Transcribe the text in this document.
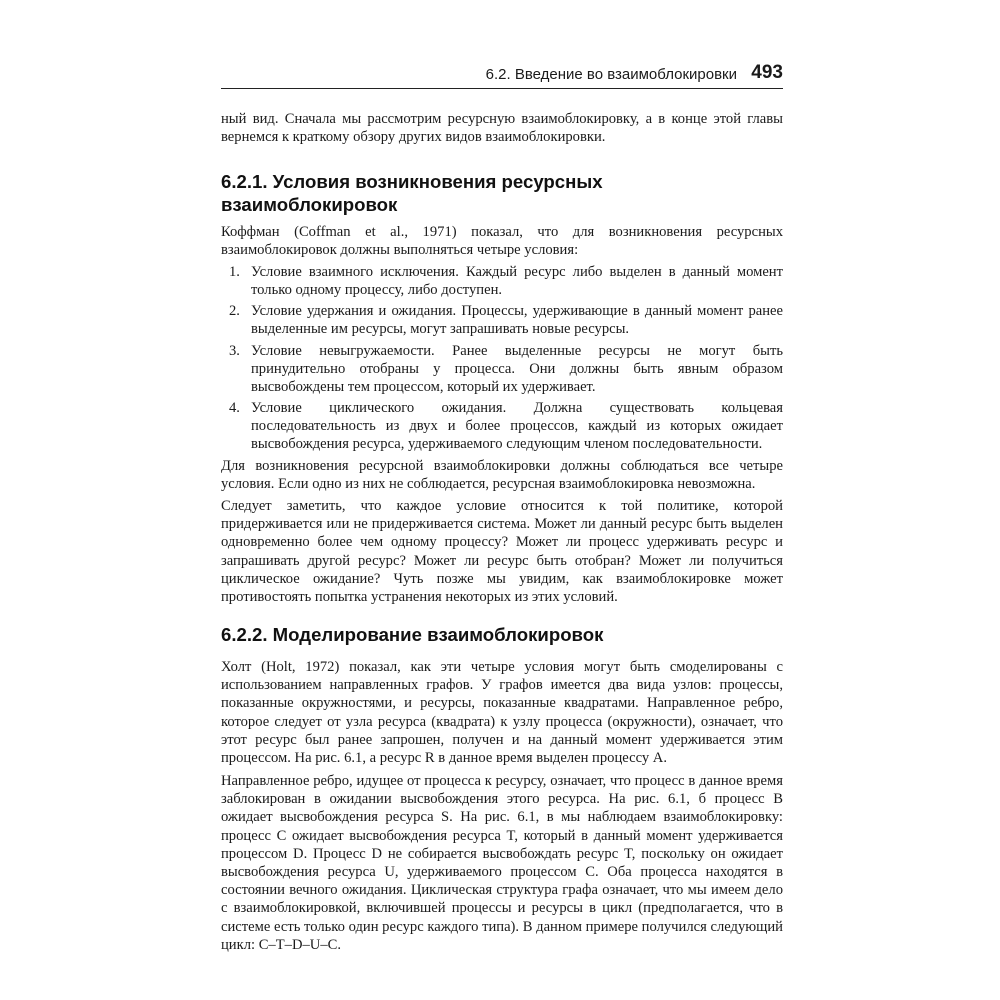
6.2. Введение во взаимоблокировки 493

ный вид. Сначала мы рассмотрим ресурсную взаимоблокировку, а в конце этой главы вернемся к краткому обзору других видов взаимоблокировки.

6.2.1. Условия возникновения ресурсных взаимоблокировок

Коффман (Coffman et al., 1971) показал, что для возникновения ресурсных взаимоблокировок должны выполняться четыре условия:

1. Условие взаимного исключения. Каждый ресурс либо выделен в данный момент только одному процессу, либо доступен.

2. Условие удержания и ожидания. Процессы, удерживающие в данный момент ранее выделенные им ресурсы, могут запрашивать новые ресурсы.

3. Условие невыгружаемости. Ранее выделенные ресурсы не могут быть принудительно отобраны у процесса. Они должны быть явным образом высвобождены тем процессом, который их удерживает.

4. Условие циклического ожидания. Должна существовать кольцевая последовательность из двух и более процессов, каждый из которых ожидает высвобождения ресурса, удерживаемого следующим членом последовательности.

Для возникновения ресурсной взаимоблокировки должны соблюдаться все четыре условия. Если одно из них не соблюдается, ресурсная взаимоблокировка невозможна.

Следует заметить, что каждое условие относится к той политике, которой придерживается или не придерживается система. Может ли данный ресурс быть выделен одновременно более чем одному процессу? Может ли процесс удерживать ресурс и запрашивать другой ресурс? Может ли ресурс быть отобран? Может ли получиться циклическое ожидание? Чуть позже мы увидим, как взаимоблокировке может противостоять попытка устранения некоторых из этих условий.

6.2.2. Моделирование взаимоблокировок

Холт (Holt, 1972) показал, как эти четыре условия могут быть смоделированы с использованием направленных графов. У графов имеется два вида узлов: процессы, показанные окружностями, и ресурсы, показанные квадратами. Направленное ребро, которое следует от узла ресурса (квадрата) к узлу процесса (окружности), означает, что этот ресурс был ранее запрошен, получен и на данный момент удерживается этим процессом. На рис. 6.1, а ресурс R в данное время выделен процессу A.

Направленное ребро, идущее от процесса к ресурсу, означает, что процесс в данное время заблокирован в ожидании высвобождения этого ресурса. На рис. 6.1, б процесс B ожидает высвобождения ресурса S. На рис. 6.1, в мы наблюдаем взаимоблокировку: процесс C ожидает высвобождения ресурса T, который в данный момент удерживается процессом D. Процесс D не собирается высвобождать ресурс T, поскольку он ожидает высвобождения ресурса U, удерживаемого процессом C. Оба процесса находятся в состоянии вечного ожидания. Циклическая структура графа означает, что мы имеем дело с взаимоблокировкой, включившей процессы и ресурсы в цикл (предполагается, что в системе есть только один ресурс каждого типа). В данном примере получился следующий цикл: C–T–D–U–C.
